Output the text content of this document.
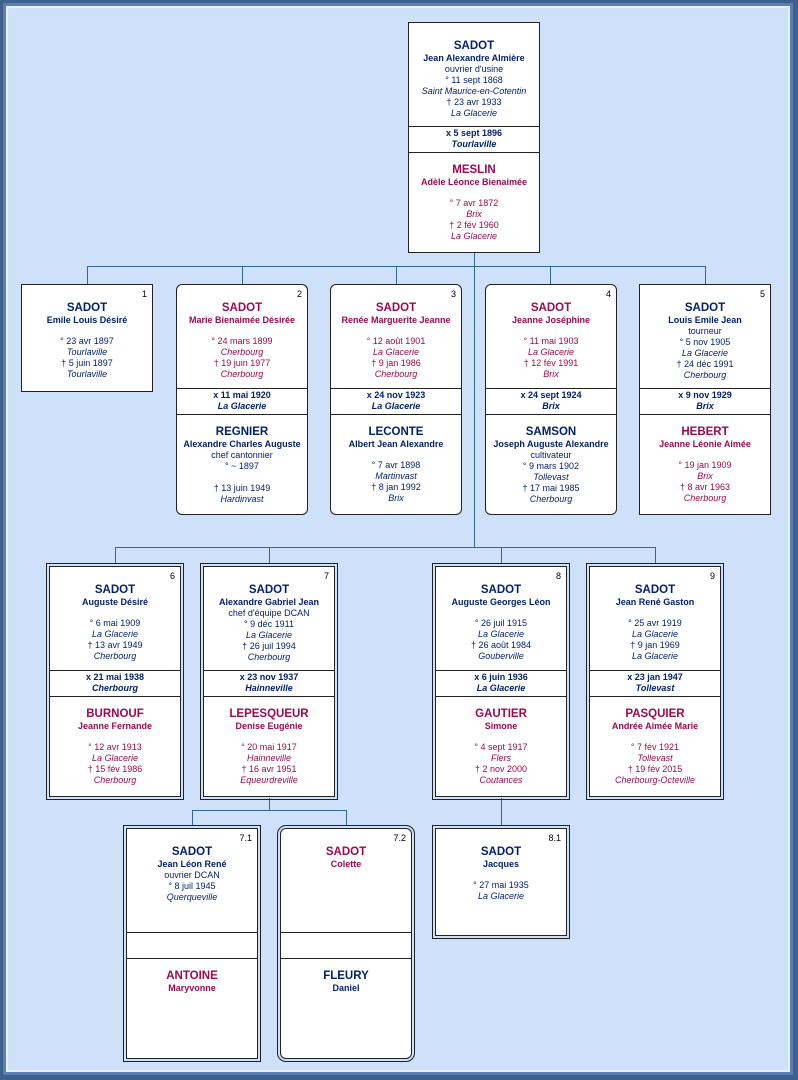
SADOT
Jean Alexandre Almière
ouvrier d'usine
° 11 sept 1868
Saint Maurice-en-Cotentin
† 23 avr 1933
La Glacerie
x 5 sept 1896
Tourlaville
MESLIN
Adèle Léonce Bienaimée
° 7 avr 1872
Brix
† 2 fév 1960
La Glacerie
1
SADOT
Emile Louis Désiré
° 23 avr 1897
Tourlaville
† 5 juin 1897
Tourlaville
2
SADOT
Marie Bienaimée Désirée
° 24 mars 1899
Cherbourg
† 19 juin 1977
Cherbourg
x 11 mai 1920
La Glacerie
REGNIER
Alexandre Charles Auguste
chef cantonnier
° ~ 1897
† 13 juin 1949
Hardinvast
3
SADOT
Renée Marguerite Jeanne
° 12 août 1901
La Glacerie
† 9 jan 1986
Cherbourg
x 24 nov 1923
La Glacerie
LECONTE
Albert Jean Alexandre
° 7 avr 1898
Martinvast
† 8 jan 1992
Brix
4
SADOT
Jeanne Joséphine
° 11 mai 1903
La Glacerie
† 12 fév 1991
Brix
x 24 sept 1924
Brix
SAMSON
Joseph Auguste Alexandre
cultivateur
° 9 mars 1902
Tollevast
† 17 mai 1985
Cherbourg
5
SADOT
Louis Emile Jean
tourneur
° 5 nov 1905
La Glacerie
† 24 déc 1991
Cherbourg
x 9 nov 1929
Brix
HEBERT
Jeanne Léonie Aimée
° 19 jan 1909
Brix
† 8 avr 1963
Cherbourg
6
SADOT
Auguste Désiré
° 6 mai 1909
La Glacerie
† 13 avr 1949
Cherbourg
x 21 mai 1938
Cherbourg
BURNOUF
Jeanne Fernande
° 12 avr 1913
La Glacerie
† 15 fév 1986
Cherbourg
7
SADOT
Alexandre Gabriel Jean
chef d'équipe DCAN
° 9 déc 1911
La Glacerie
† 26 juil 1994
Cherbourg
x 23 nov 1937
Hainneville
LEPESQUEUR
Denise Eugénie
° 20 mai 1917
Hainneville
† 16 avr 1951
Equeurdreville
8
SADOT
Auguste Georges Léon
° 26 juil 1915
La Glacerie
† 26 août 1984
Gouberville
x 6 juin 1936
La Glacerie
GAUTIER
Simone
° 4 sept 1917
Flers
† 2 nov 2000
Coutances
9
SADOT
Jean René Gaston
° 25 avr 1919
La Glacerie
† 9 jan 1969
La Glacerie
x 23 jan 1947
Tollevast
PASQUIER
Andrée Aimée Marie
° 7 fév 1921
Tollevast
† 19 fév 2015
Cherbourg-Octeville
7.1
SADOT
Jean Léon René
ouvrier DCAN
° 8 juil 1945
Querqueville
ANTOINE
Maryvonne
7.2
SADOT
Colette
FLEURY
Daniel
8.1
SADOT
Jacques
° 27 mai 1935
La Glacerie
